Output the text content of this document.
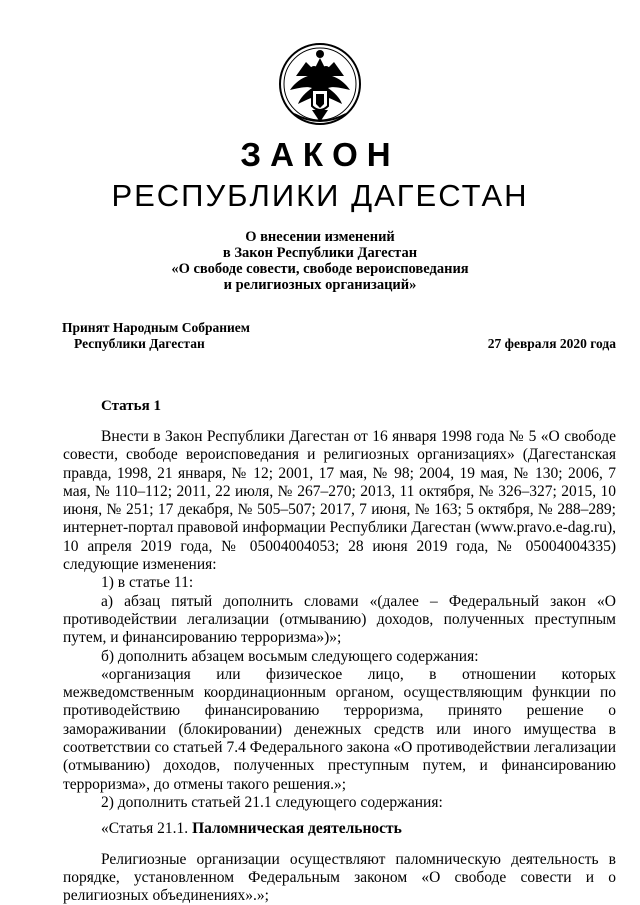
ЗАКОН
РЕСПУБЛИКИ ДАГЕСТАН
О внесении изменений
в Закон Республики Дагестан
«О свободе совести, свободе вероисповедания
и религиозных организаций»
Принят Народным Собранием
Республики Дагестан	27 февраля 2020 года
Статья 1

Внести в Закон Республики Дагестан от 16 января 1998 года № 5 «О свободе совести, свободе вероисповедания и религиозных организациях» (Дагестанская правда, 1998, 21 января, № 12; 2001, 17 мая, № 98; 2004, 19 мая, № 130; 2006, 7 мая, № 110–112; 2011, 22 июля, № 267–270; 2013, 11 октября, № 326–327; 2015, 10 июня, № 251; 17 декабря, № 505–507; 2017, 7 июня, № 163; 5 октября, № 288–289; интернет-портал правовой информации Республики Дагестан (www.pravo.e-dag.ru), 10 апреля 2019 года, № 05004004053; 28 июня 2019 года, № 05004004335) следующие изменения:

1) в статье 11:

а) абзац пятый дополнить словами «(далее – Федеральный закон «О противодействии легализации (отмыванию) доходов, полученных преступным путем, и финансированию терроризма»)»;

б) дополнить абзацем восьмым следующего содержания:

«организация или физическое лицо, в отношении которых межведомственным координационным органом, осуществляющим функции по противодействию финансированию терроризма, принято решение о замораживании (блокировании) денежных средств или иного имущества в соответствии со статьей 7.4 Федерального закона «О противодействии легализации (отмыванию) доходов, полученных преступным путем, и финансированию терроризма», до отмены такого решения.»;

2) дополнить статьей 21.1 следующего содержания:

«Статья 21.1. Паломническая деятельность

Религиозные организации осуществляют паломническую деятельность в порядке, установленном Федеральным законом «О свободе совести и о религиозных объединениях».»;
